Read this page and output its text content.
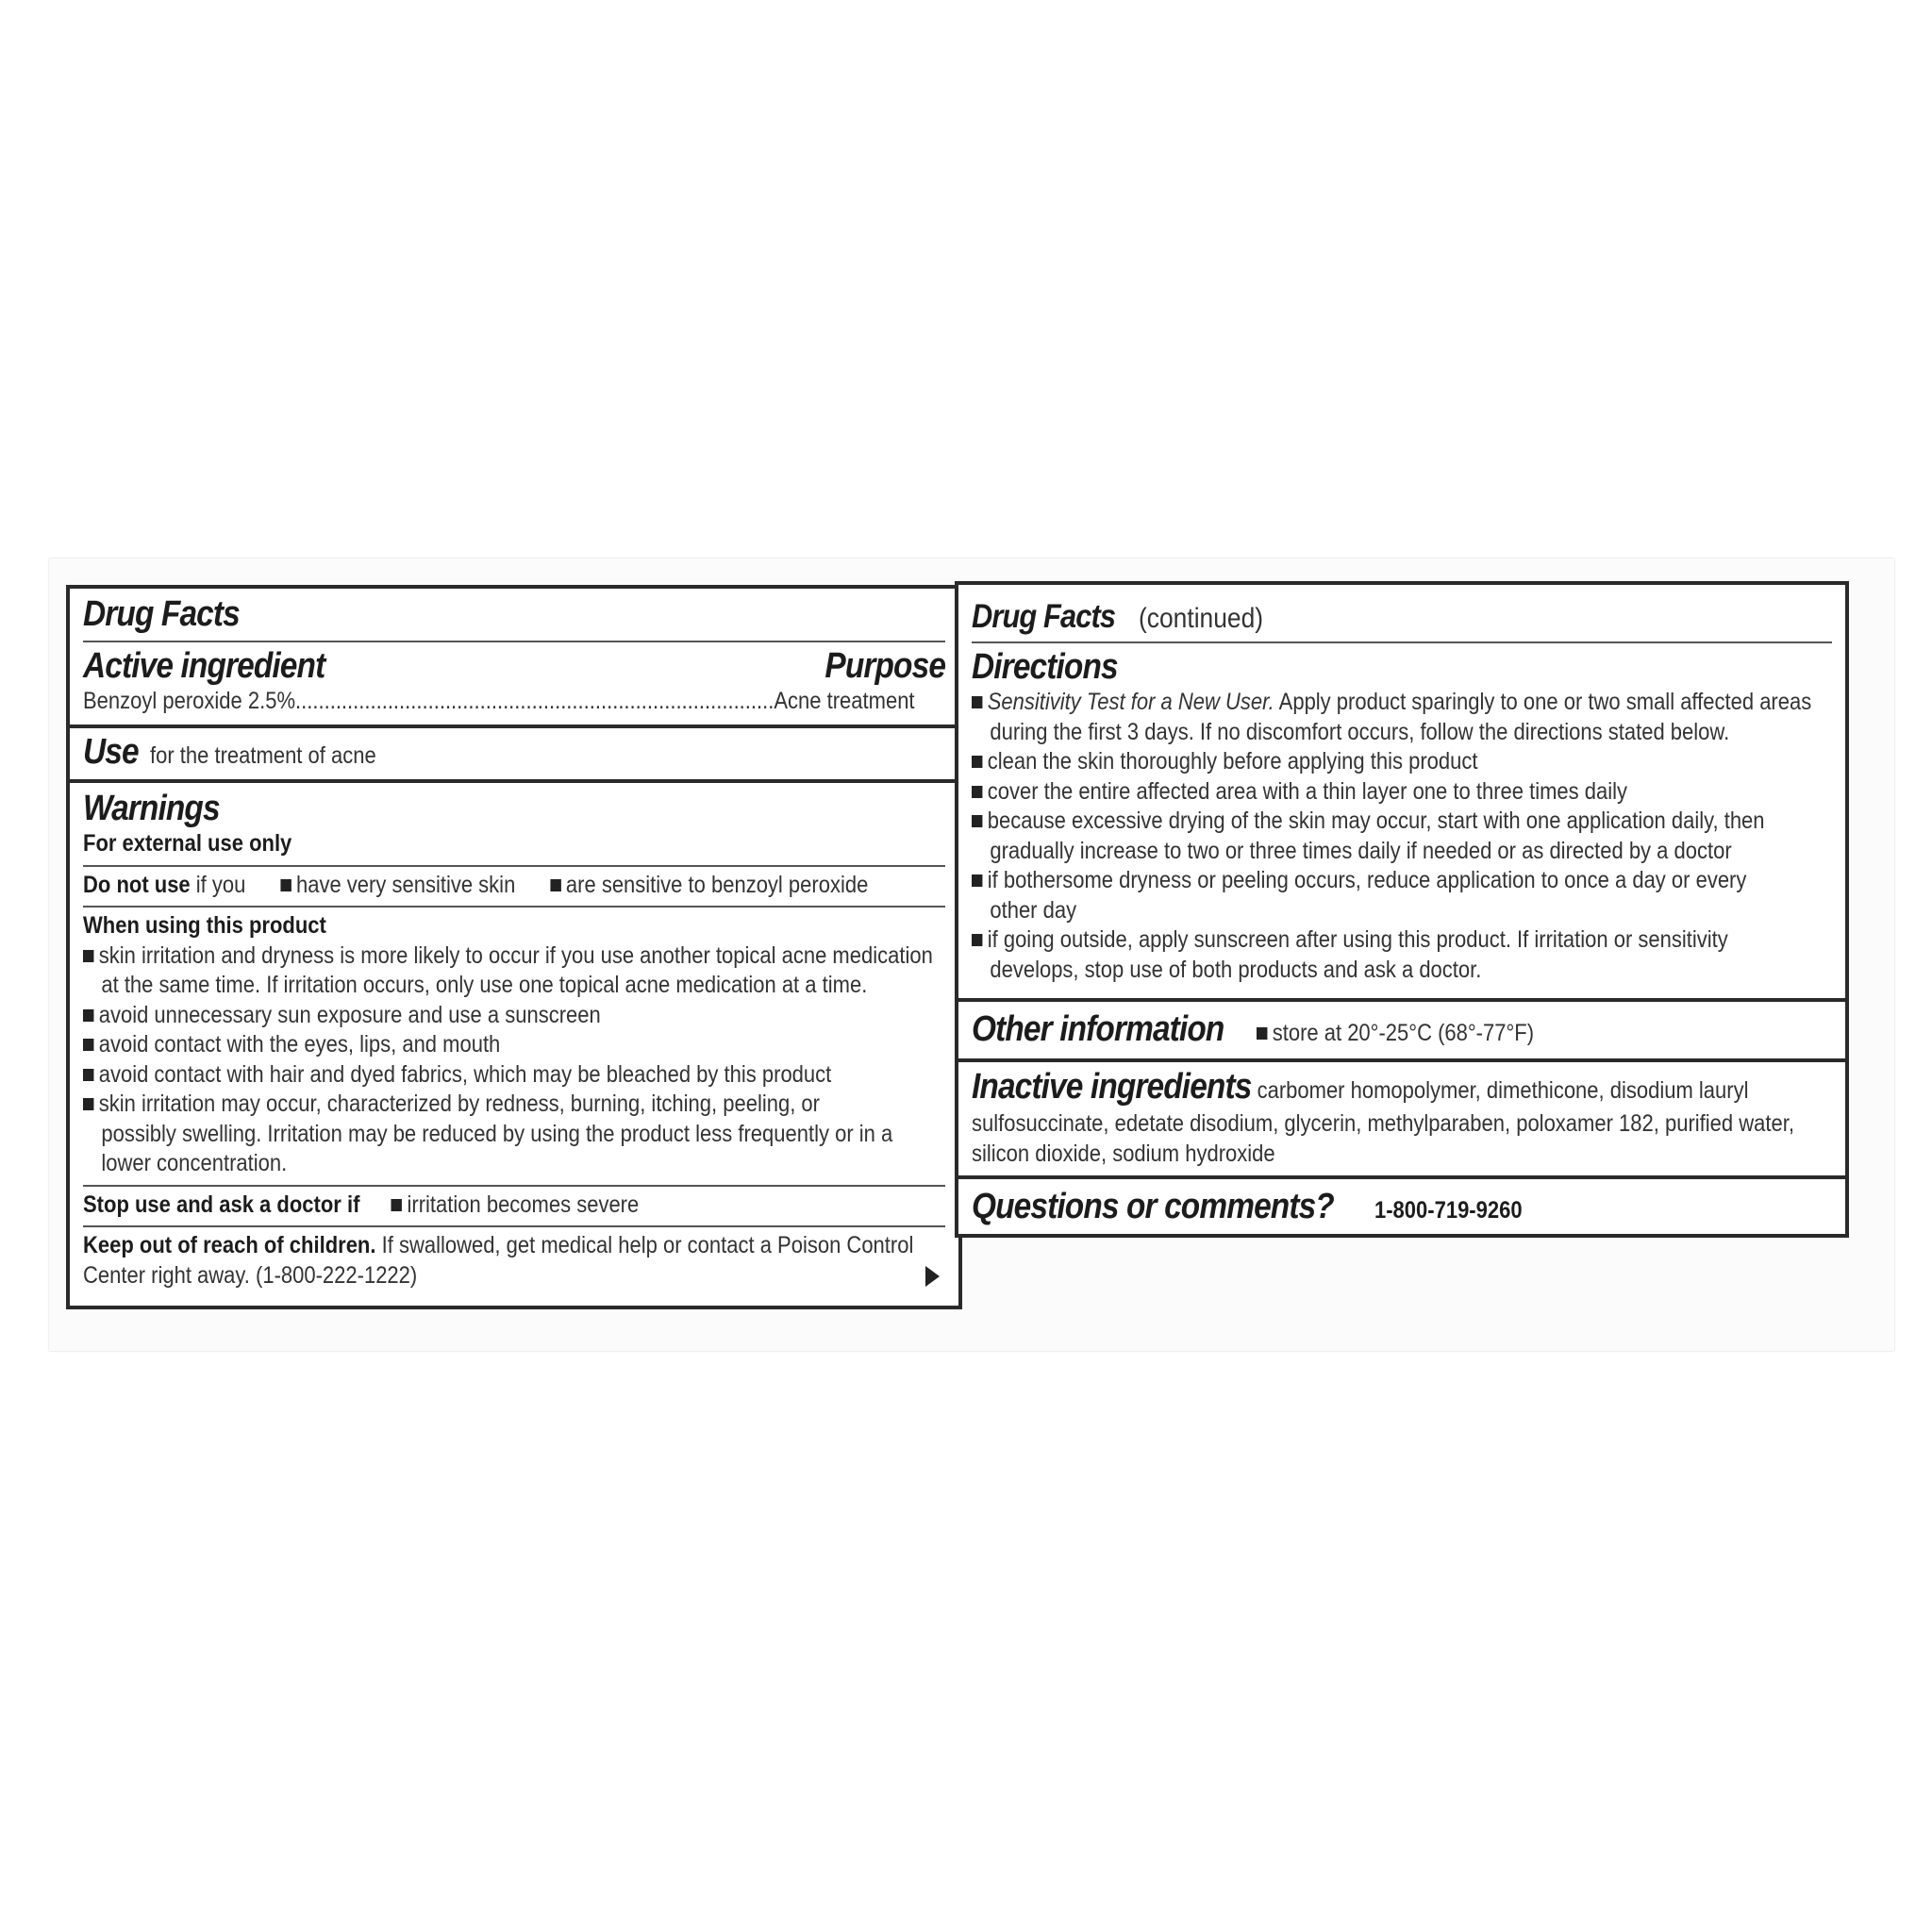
Drug Facts
Active ingredient	Purpose
Benzoyl peroxide 2.5%...................................................................................Acne treatment
Use for the treatment of acne
Warnings
For external use only
Do not use if you have very sensitive skin are sensitive to benzoyl peroxide
When using this product
skin irritation and dryness is more likely to occur if you use another topical acne medication
at the same time. If irritation occurs, only use one topical acne medication at a time.
avoid unnecessary sun exposure and use a sunscreen
avoid contact with the eyes, lips, and mouth
avoid contact with hair and dyed fabrics, which may be bleached by this product
skin irritation may occur, characterized by redness, burning, itching, peeling, or
possibly swelling. Irritation may be reduced by using the product less frequently or in a
lower concentration.
Stop use and ask a doctor if irritation becomes severe
Keep out of reach of children. If swallowed, get medical help or contact a Poison Control
Center right away. (1-800-222-1222)
Drug Facts (continued)
Directions
Sensitivity Test for a New User. Apply product sparingly to one or two small affected areas
during the first 3 days. If no discomfort occurs, follow the directions stated below.
clean the skin thoroughly before applying this product
cover the entire affected area with a thin layer one to three times daily
because excessive drying of the skin may occur, start with one application daily, then
gradually increase to two or three times daily if needed or as directed by a doctor
if bothersome dryness or peeling occurs, reduce application to once a day or every
other day
if going outside, apply sunscreen after using this product. If irritation or sensitivity
develops, stop use of both products and ask a doctor.
Other information store at 20°-25°C (68°-77°F)
Inactive ingredients carbomer homopolymer, dimethicone, disodium lauryl
sulfosuccinate, edetate disodium, glycerin, methylparaben, poloxamer 182, purified water,
silicon dioxide, sodium hydroxide
Questions or comments? 1-800-719-9260
